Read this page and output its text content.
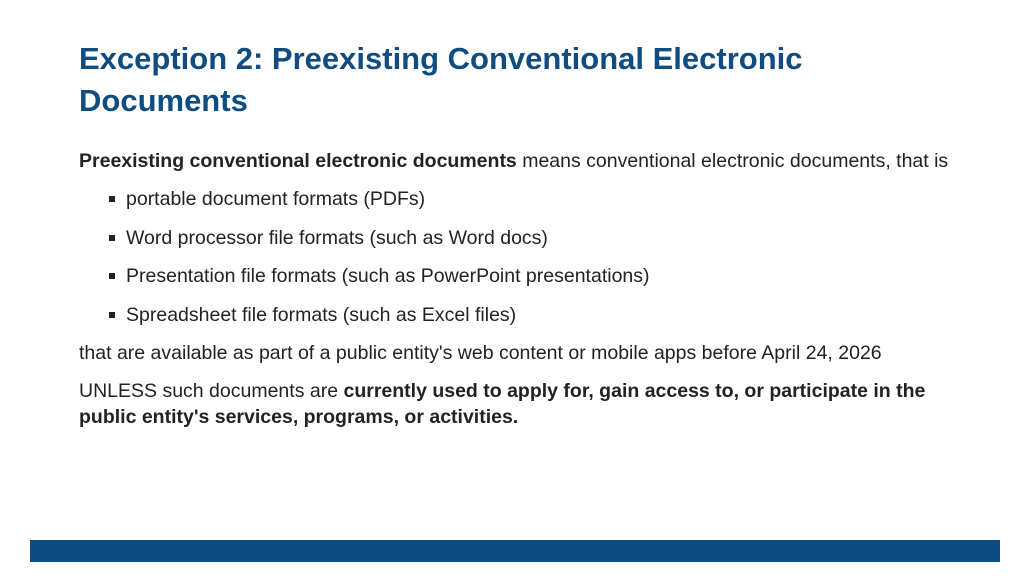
Exception 2: Preexisting Conventional Electronic Documents

Preexisting conventional electronic documents means conventional electronic documents, that is

portable document formats (PDFs)
Word processor file formats (such as Word docs)
Presentation file formats (such as PowerPoint presentations)
Spreadsheet file formats (such as Excel files)

that are available as part of a public entity's web content or mobile apps before April 24, 2026

UNLESS such documents are currently used to apply for, gain access to, or participate in the public entity's services, programs, or activities.
